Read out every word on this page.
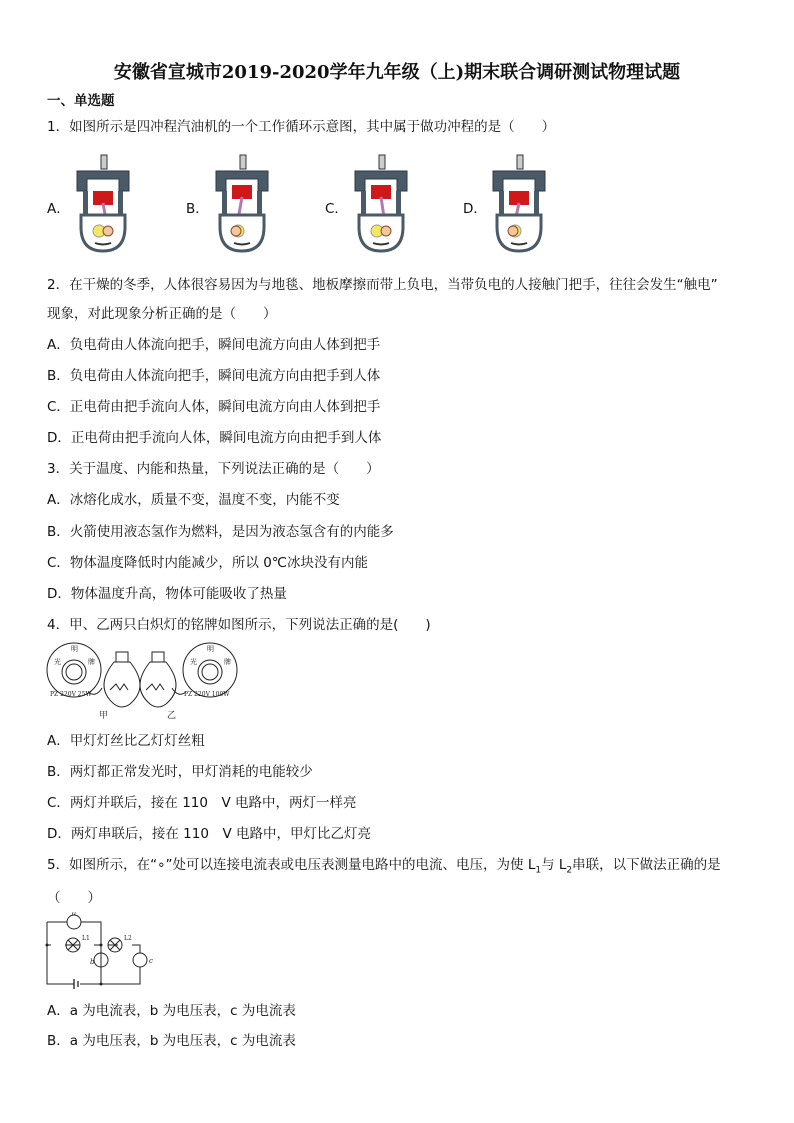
安徽省宣城市2019-2020学年九年级（上)期末联合调研测试物理试题
一、单选题
1．如图所示是四冲程汽油机的一个工作循环示意图，其中属于做功冲程的是（　　）
A．	B．	C．	D．
2．在干燥的冬季，人体很容易因为与地毯、地板摩擦而带上负电，当带负电的人接触门把手，往往会发生“触电”
现象，对此现象分析正确的是（　　）
A．负电荷由人体流向把手，瞬间电流方向由人体到把手
B．负电荷由人体流向把手，瞬间电流方向由把手到人体
C．正电荷由把手流向人体，瞬间电流方向由人体到把手
D．正电荷由把手流向人体，瞬间电流方向由把手到人体
3．关于温度、内能和热量，下列说法正确的是（　　）
A．冰熔化成水，质量不变，温度不变，内能不变
B．火箭使用液态氢作为燃料，是因为液态氢含有的内能多
C．物体温度降低时内能减少，所以 0℃冰块没有内能
D．物体温度升高，物体可能吸收了热量
4．甲、乙两只白炽灯的铭牌如图所示，下列说法正确的是(　　)
明
光	牌
PZ 220V 25W
明
光	牌
PZ 220V 100W
甲	乙
A．甲灯灯丝比乙灯灯丝粗
B．两灯都正常发光时，甲灯消耗的电能较少
C．两灯并联后，接在 110　V 电路中，两灯一样亮
D．两灯串联后，接在 110　V 电路中，甲灯比乙灯亮
5．如图所示，在“∘”处可以连接电流表或电压表测量电路中的电流、电压，为使 $L_1$与 $L_2$串联，以下做法正确的是
（　　）
a
b	c
L1	L2
A．a 为电流表，b 为电压表，c 为电流表
B．a 为电压表，b 为电压表，c 为电流表
